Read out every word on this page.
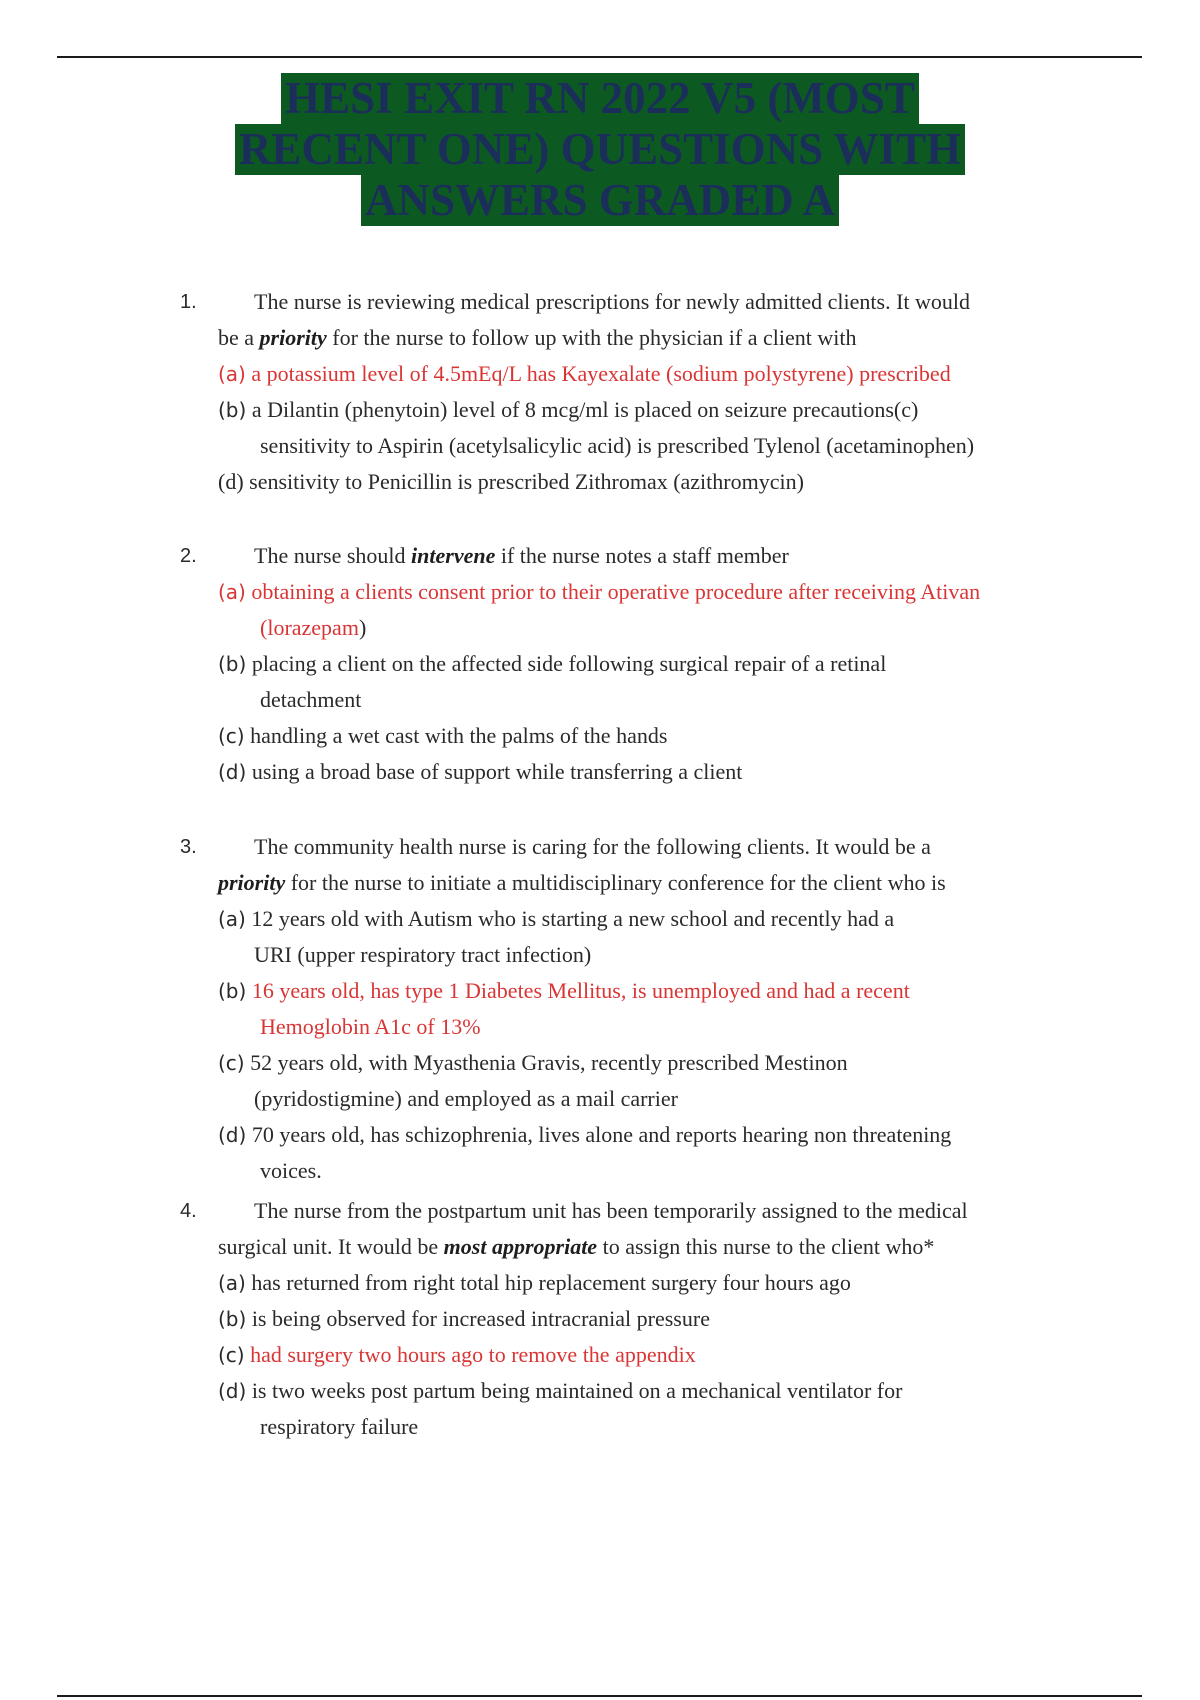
HESI EXIT RN 2022 V5 (MOST
RECENT ONE) QUESTIONS WITH
ANSWERS GRADED A
1.	The nurse is reviewing medical prescriptions for newly admitted clients. It would
be a priority for the nurse to follow up with the physician if a client with
(a) a potassium level of 4.5mEq/L has Kayexalate (sodium polystyrene) prescribed
(b) a Dilantin (phenytoin) level of 8 mcg/ml is placed on seizure precautions(c)
sensitivity to Aspirin (acetylsalicylic acid) is prescribed Tylenol (acetaminophen)
(d) sensitivity to Penicillin is prescribed Zithromax (azithromycin)
2.	The nurse should intervene if the nurse notes a staff member
(a) obtaining a clients consent prior to their operative procedure after receiving Ativan
(lorazepam)
(b) placing a client on the affected side following surgical repair of a retinal
detachment
(c) handling a wet cast with the palms of the hands
(d) using a broad base of support while transferring a client
3.	The community health nurse is caring for the following clients. It would be a
priority for the nurse to initiate a multidisciplinary conference for the client who is
(a) 12 years old with Autism who is starting a new school and recently had a
URI (upper respiratory tract infection)
(b) 16 years old, has type 1 Diabetes Mellitus, is unemployed and had a recent
Hemoglobin A1c of 13%
(c) 52 years old, with Myasthenia Gravis, recently prescribed Mestinon
(pyridostigmine) and employed as a mail carrier
(d) 70 years old, has schizophrenia, lives alone and reports hearing non threatening
voices.
4.	The nurse from the postpartum unit has been temporarily assigned to the medical
surgical unit. It would be most appropriate to assign this nurse to the client who*
(a) has returned from right total hip replacement surgery four hours ago
(b) is being observed for increased intracranial pressure
(c) had surgery two hours ago to remove the appendix
(d) is two weeks post partum being maintained on a mechanical ventilator for
respiratory failure
